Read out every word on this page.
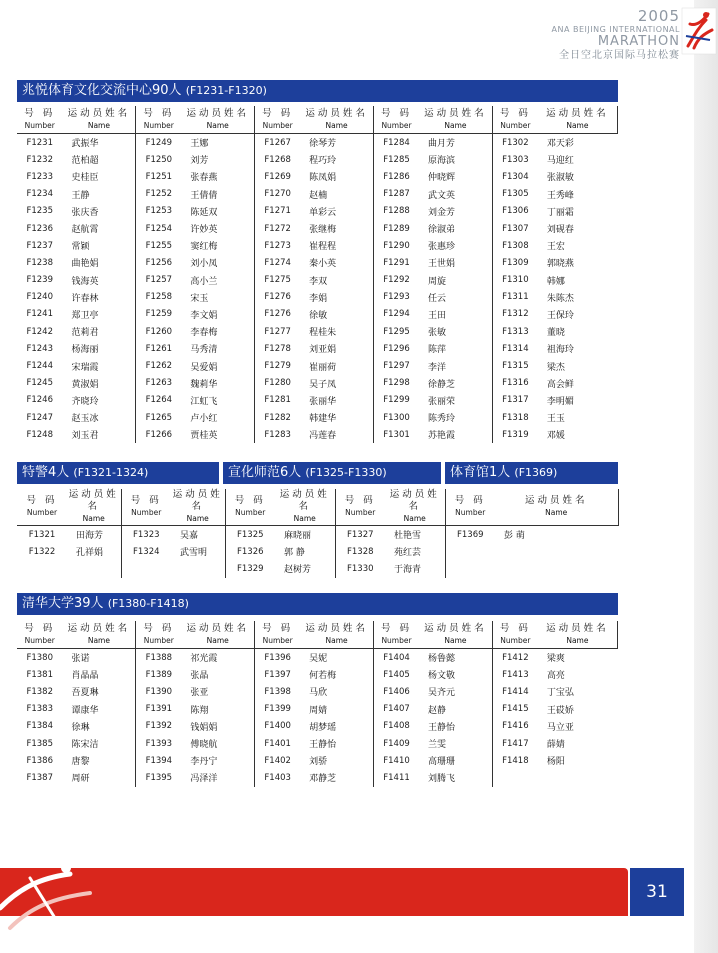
2005
ANA BEIJING INTERNATIONAL
MARATHON
全日空北京国际马拉松赛
兆悦体育文化交流中心90人 (F1231-F1320)
号 码
Number	运动员姓名
Name	号 码
Number	运动员姓名
Name	号 码
Number	运动员姓名
Name	号 码
Number	运动员姓名
Name	号 码
Number	运动员姓名
Name

F1231	武振华	F1249	王娜	F1267	徐琴芳	F1284	曲月芳	F1302	邓天彩
F1232	范柏超	F1250	刘芳	F1268	程巧玲	F1285	原海滨	F1303	马迎红
F1233	史桂臣	F1251	张春燕	F1269	陈凤娟	F1286	仲晓辉	F1304	张淑敏
F1234	王静	F1252	王倩倩	F1270	赵楠	F1287	武文英	F1305	王秀峰
F1235	张庆香	F1253	陈延双	F1271	单彩云	F1288	刘金芳	F1306	丁丽霜
F1236	赵航霄	F1254	许妙英	F1272	张继梅	F1289	徐淑弟	F1307	刘砚春
F1237	常颖	F1255	窦红梅	F1273	崔程程	F1290	张惠珍	F1308	王宏
F1238	曲艳娟	F1256	刘小凤	F1274	秦小英	F1291	王世娟	F1309	郭晓燕
F1239	钱海英	F1257	高小兰	F1275	李双	F1292	周旋	F1310	韩娜
F1240	许春林	F1258	宋玉	F1276	李娟	F1293	任云	F1311	朱陈杰
F1241	郑卫亭	F1259	李文娟	F1276	徐敏	F1294	王田	F1312	王保玲
F1242	范莉君	F1260	李春梅	F1277	程桂朱	F1295	张敏	F1313	董晓
F1243	杨海丽	F1261	马秀清	F1278	刘亚娟	F1296	陈萍	F1314	祖海玲
F1244	宋瑞霞	F1262	吴爱娟	F1279	崔丽荷	F1297	李洋	F1315	梁杰
F1245	黄淑娟	F1263	魏莉华	F1280	吴子凤	F1298	徐静芝	F1316	高会鲜
F1246	齐晓玲	F1264	江虹飞	F1281	张丽华	F1299	张丽荣	F1317	李明媚
F1247	赵玉冰	F1265	卢小红	F1282	韩建华	F1300	陈秀玲	F1318	王玉
F1248	刘玉君	F1266	贾桂英	F1283	冯莲春	F1301	苏艳霞	F1319	邓媛
特警4人 (F1321-1324)	宣化师范6人 (F1325-F1330)	体育馆1人 (F1369)
号 码
Number	运动员姓名
Name	号 码
Number	运动员姓名
Name	号 码
Number	运动员姓名
Name	号 码
Number	运动员姓名
Name	号 码
Number	运动员姓名
Name

F1321	田海芳	F1323	吴嘉	F1325	麻晓丽	F1327	杜艳雪	F1369	彭 萌
F1322	孔祥娟	F1324	武雪明	F1326	郭 静	F1328	苑红芸		
				F1329	赵树芳	F1330	于海青		
清华大学39人 (F1380-F1418)
号 码
Number	运动员姓名
Name	号 码
Number	运动员姓名
Name	号 码
Number	运动员姓名
Name	号 码
Number	运动员姓名
Name	号 码
Number	运动员姓名
Name

F1380	张诺	F1388	祁光霞	F1396	吴妮	F1404	杨鲁懿	F1412	梁爽
F1381	肖晶晶	F1389	张晶	F1397	何若梅	F1405	杨文敬	F1413	高亮
F1382	吾夏琳	F1390	张亚	F1398	马欣	F1406	吴齐元	F1414	丁宝弘
F1383	谭康华	F1391	陈翔	F1399	周婧	F1407	赵静	F1415	王砹娇
F1384	徐琳	F1392	钱娟娟	F1400	胡梦瑶	F1408	王静怡	F1416	马立亚
F1385	陈宋洁	F1393	傅晓航	F1401	王静怡	F1409	兰雯	F1417	薛婧
F1386	唐黎	F1394	李丹宁	F1402	刘骄	F1410	高珊珊	F1418	杨阳
F1387	周研	F1395	冯泽洋	F1403	邓静芝	F1411	刘腾飞		
31
